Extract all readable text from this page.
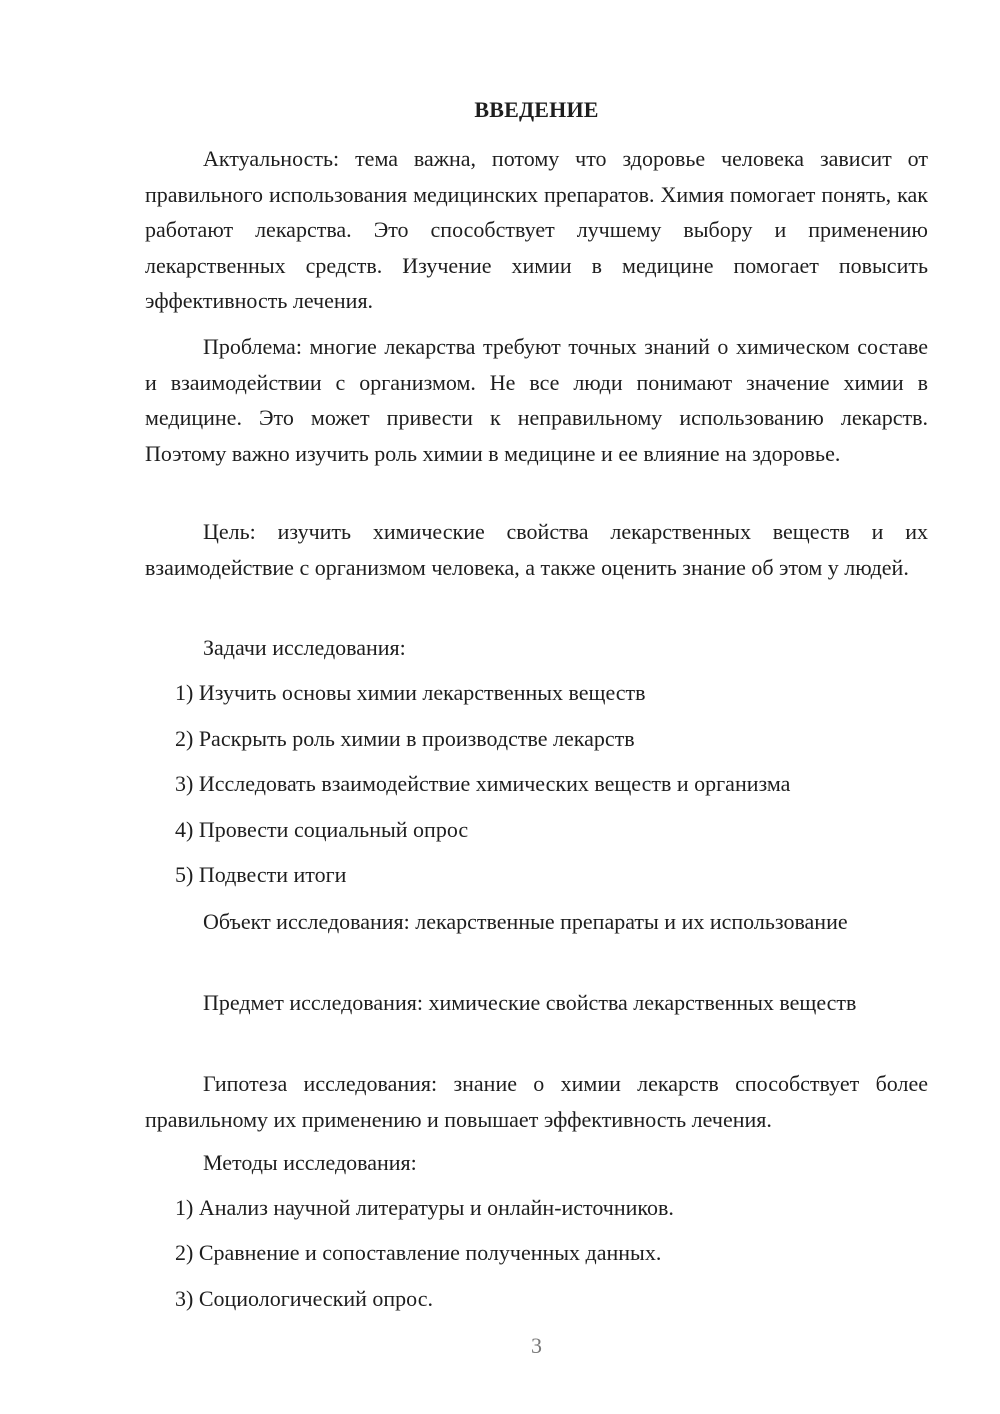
ВВЕДЕНИЕ

Актуальность: тема важна, потому что здоровье человека зависит от правильного использования медицинских препаратов. Химия помогает понять, как работают лекарства. Это способствует лучшему выбору и применению лекарственных средств. Изучение химии в медицине помогает повысить эффективность лечения.

Проблема: многие лекарства требуют точных знаний о химическом составе и взаимодействии с организмом. Не все люди понимают значение химии в медицине. Это может привести к неправильному использованию лекарств. Поэтому важно изучить роль химии в медицине и ее влияние на здоровье.

Цель: изучить химические свойства лекарственных веществ и их взаимодействие с организмом человека, а также оценить знание об этом у людей.

Задачи исследования:

1) Изучить основы химии лекарственных веществ

2) Раскрыть роль химии в производстве лекарств

3) Исследовать взаимодействие химических веществ и организма

4) Провести социальный опрос

5) Подвести итоги

Объект исследования: лекарственные препараты и их использование

Предмет исследования: химические свойства лекарственных веществ

Гипотеза исследования: знание о химии лекарств способствует более правильному их применению и повышает эффективность лечения.

Методы исследования:

1) Анализ научной литературы и онлайн-источников.

2) Сравнение и сопоставление полученных данных.

3) Социологический опрос.

3
